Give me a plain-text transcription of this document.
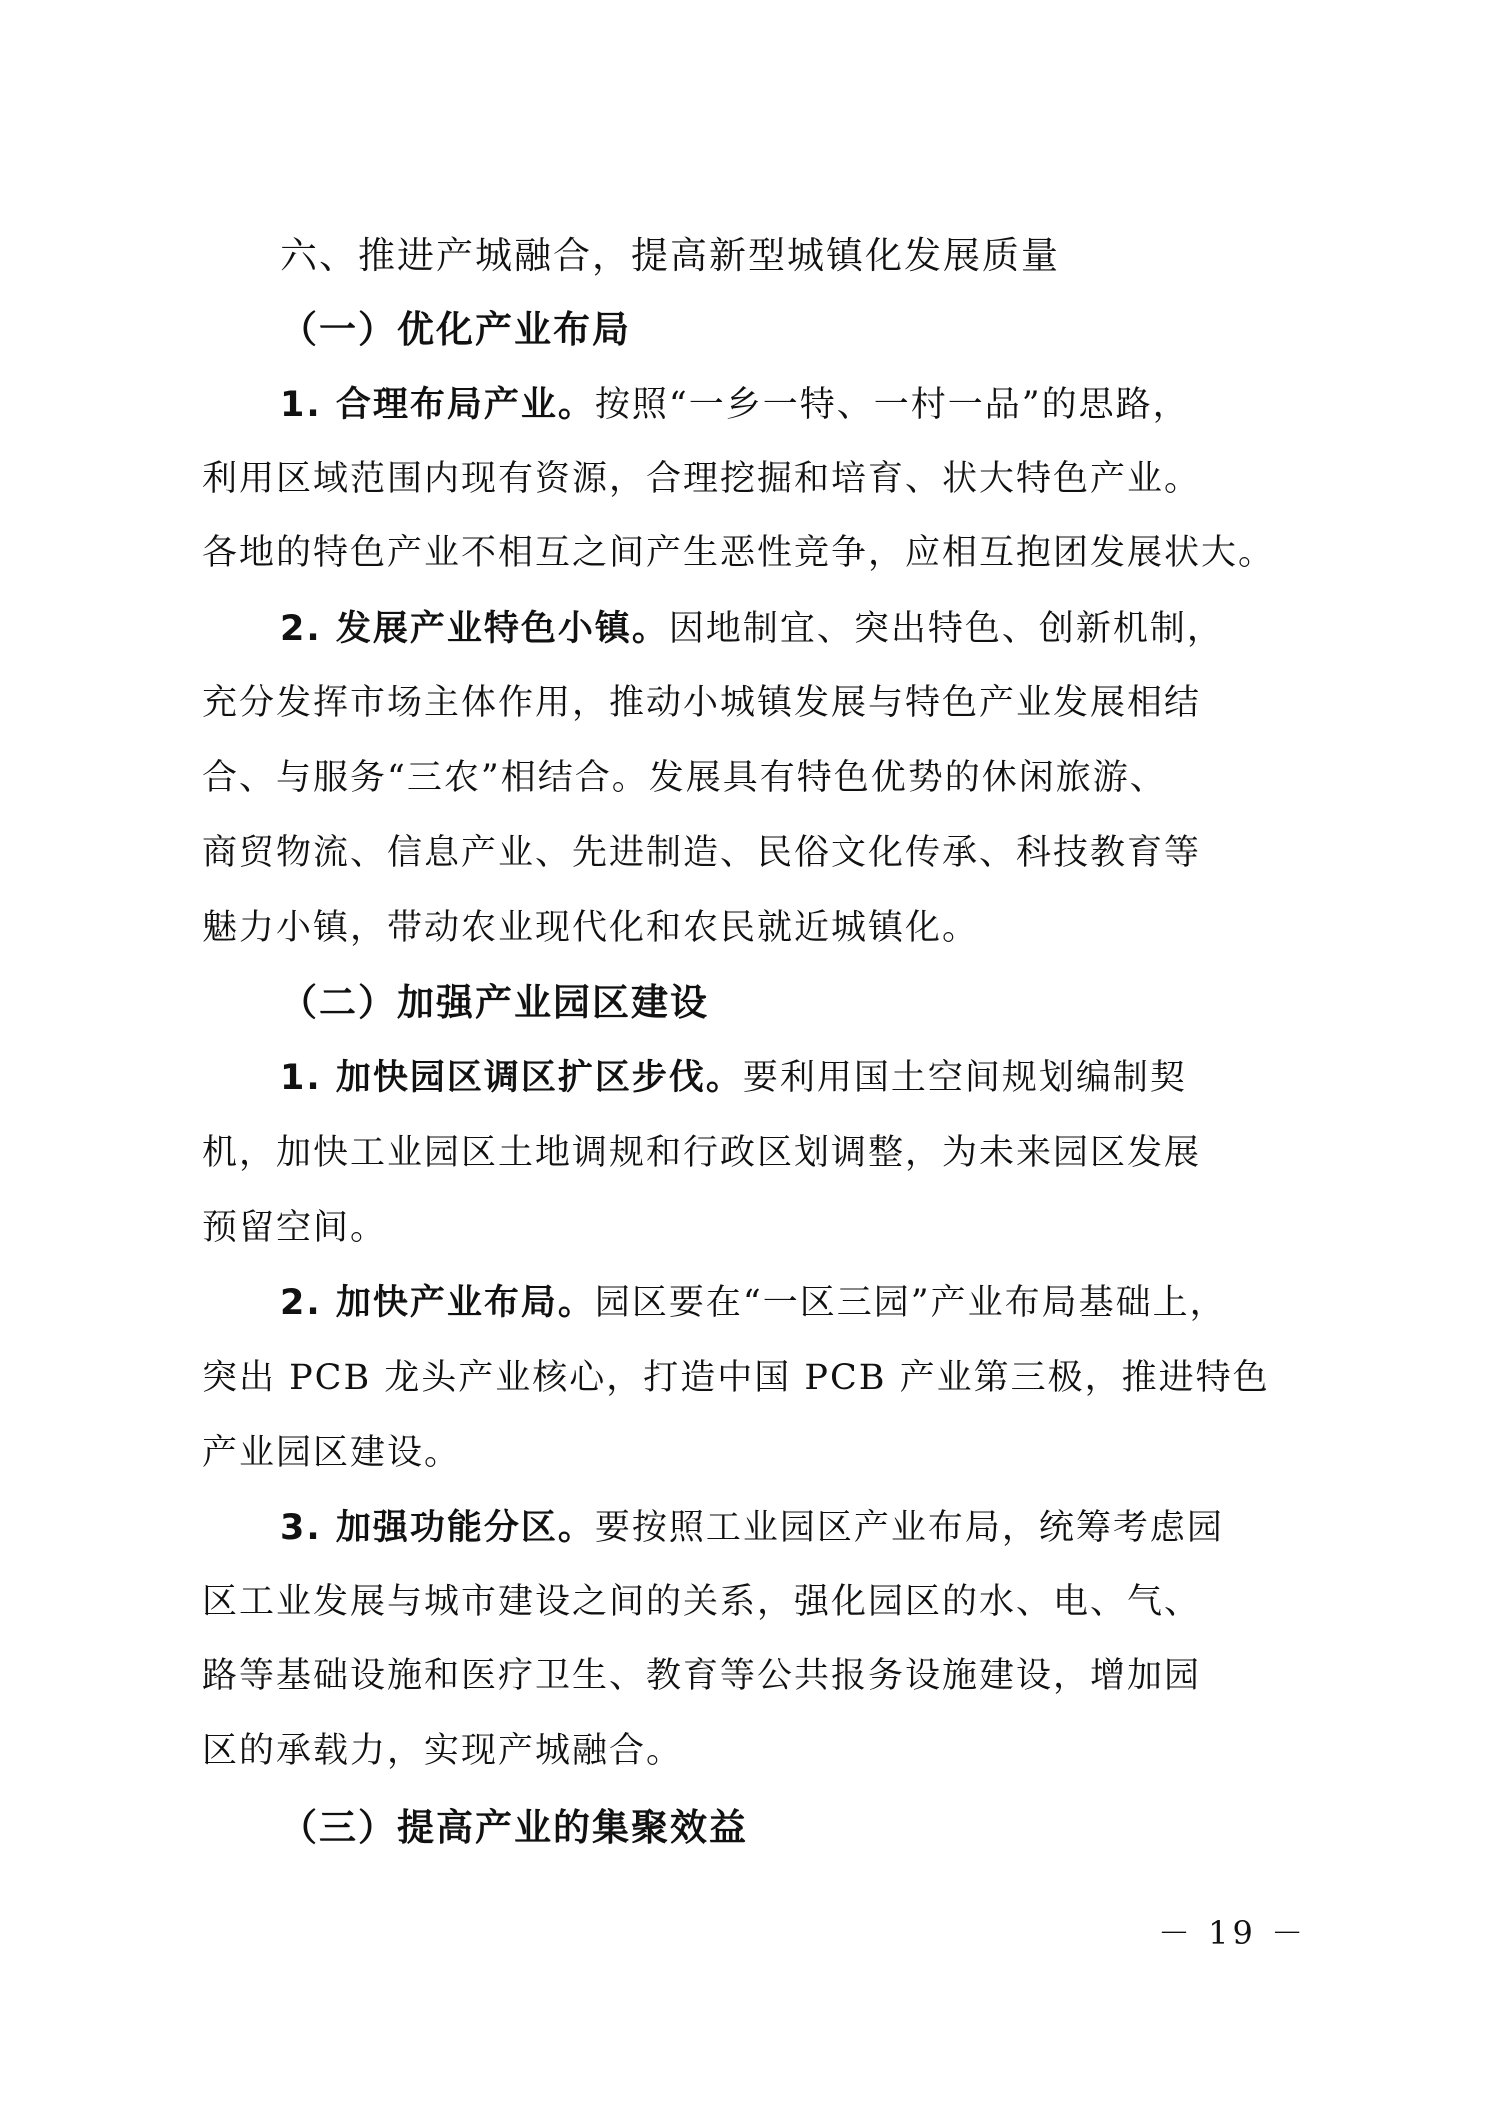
六、推进产城融合，提高新型城镇化发展质量
（一）优化产业布局
1. 合理布局产业。按照“一乡一特、一村一品”的思路，
利用区域范围内现有资源，合理挖掘和培育、状大特色产业。
各地的特色产业不相互之间产生恶性竞争，应相互抱团发展状大。
2. 发展产业特色小镇。因地制宜、突出特色、创新机制，
充分发挥市场主体作用，推动小城镇发展与特色产业发展相结
合、与服务“三农”相结合。发展具有特色优势的休闲旅游、
商贸物流、信息产业、先进制造、民俗文化传承、科技教育等
魅力小镇，带动农业现代化和农民就近城镇化。
（二）加强产业园区建设
1. 加快园区调区扩区步伐。要利用国土空间规划编制契
机，加快工业园区土地调规和行政区划调整，为未来园区发展
预留空间。
2. 加快产业布局。园区要在“一区三园”产业布局基础上，
突出 PCB 龙头产业核心，打造中国 PCB 产业第三极，推进特色
产业园区建设。
3. 加强功能分区。要按照工业园区产业布局，统筹考虑园
区工业发展与城市建设之间的关系，强化园区的水、电、气、
路等基础设施和医疗卫生、教育等公共报务设施建设，增加园
区的承载力，实现产城融合。
（三）提高产业的集聚效益
－ 19 －
